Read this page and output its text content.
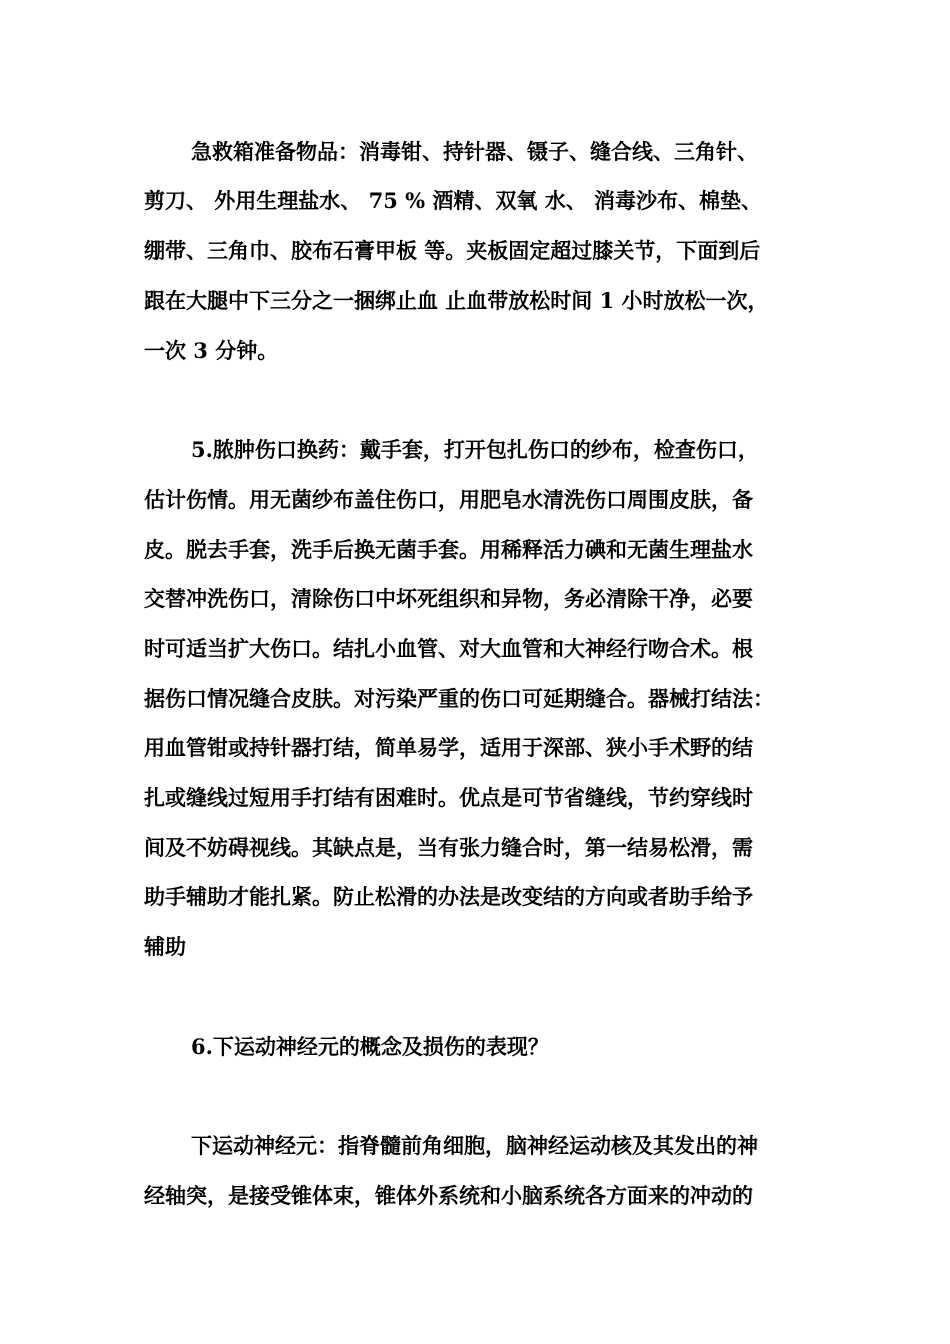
急救箱准备物品：消毒钳、持针器、镊子、缝合线、三角针、
剪刀、 外用生理盐水、 75 % 酒精、双氧 水、 消毒沙布、棉垫、
绷带、三角巾、胶布石膏甲板 等。夹板固定超过膝关节，下面到后
跟在大腿中下三分之一捆绑止血 止血带放松时间 1 小时放松一次，
一次 3 分钟。
5.脓肿伤口换药：戴手套，打开包扎伤口的纱布，检查伤口，
估计伤情。用无菌纱布盖住伤口，用肥皂水清洗伤口周围皮肤，备
皮。脱去手套，洗手后换无菌手套。用稀释活力碘和无菌生理盐水
交替冲洗伤口，清除伤口中坏死组织和异物，务必清除干净，必要
时可适当扩大伤口。结扎小血管、对大血管和大神经行吻合术。根
据伤口情况缝合皮肤。对污染严重的伤口可延期缝合。器械打结法：
用血管钳或持针器打结，简单易学，适用于深部、狭小手术野的结
扎或缝线过短用手打结有困难时。优点是可节省缝线，节约穿线时
间及不妨碍视线。其缺点是，当有张力缝合时，第一结易松滑，需
助手辅助才能扎紧。防止松滑的办法是改变结的方向或者助手给予
辅助
6.下运动神经元的概念及损伤的表现？
下运动神经元：指脊髓前角细胞，脑神经运动核及其发出的神
经轴突，是接受锥体束，锥体外系统和小脑系统各方面来的冲动的
